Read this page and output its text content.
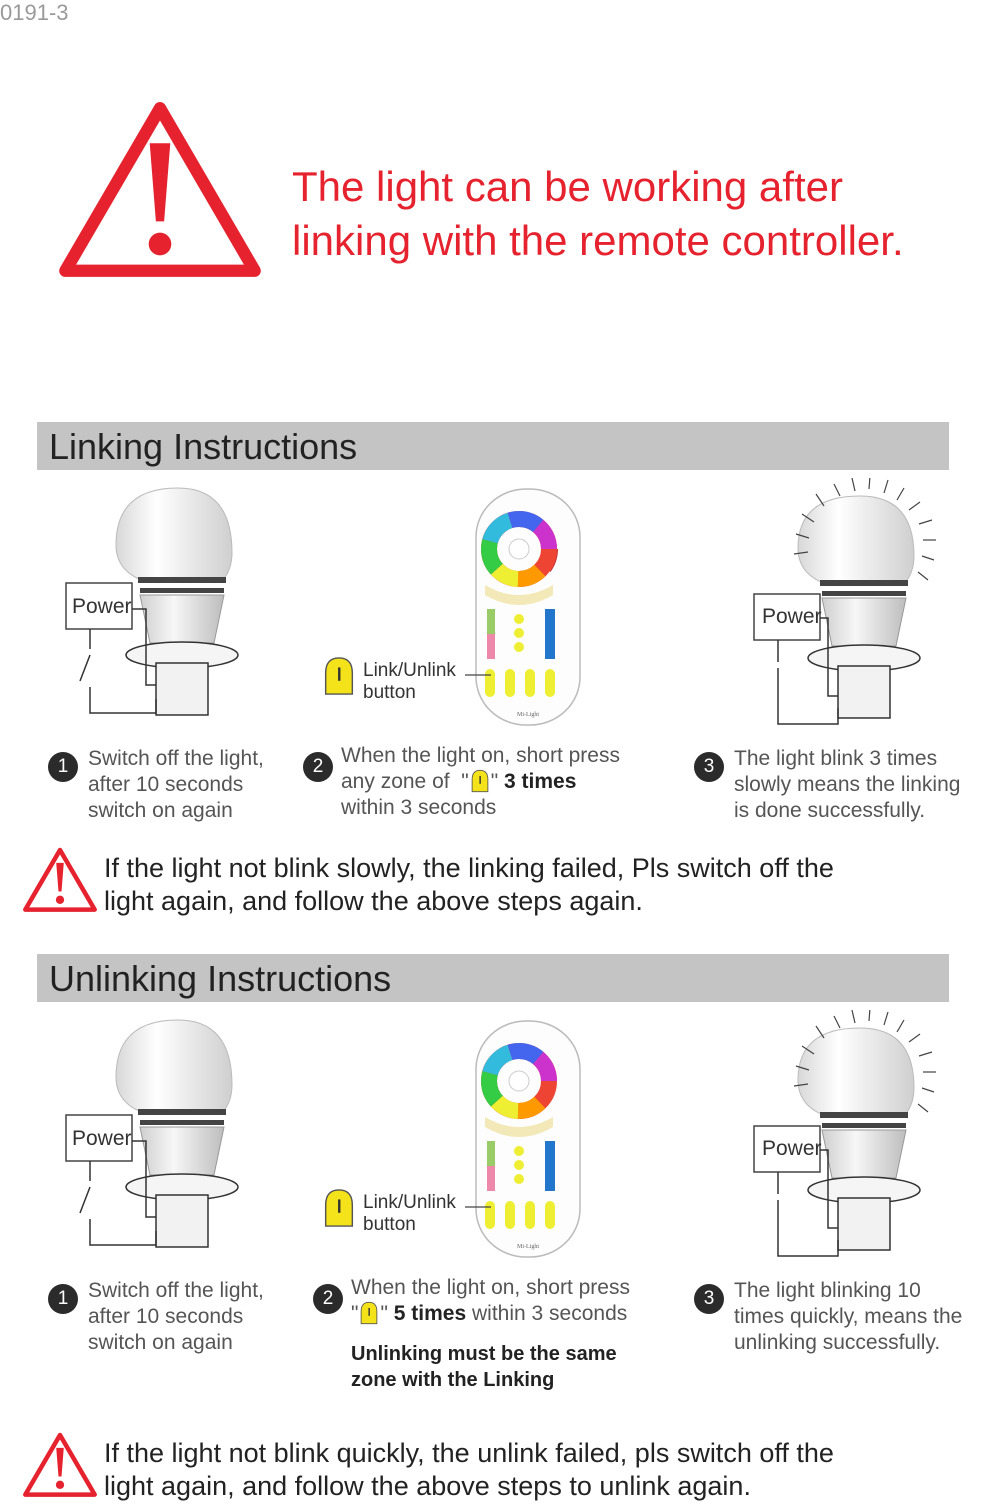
0191-3
The light can be working after
linking with the remote controller.
Linking Instructions
Power
Mi-Light
Link/Unlink
button
Power
1 Switch off the light,
after 10 seconds
switch on again
2 When the light on, short press
any zone of  " " 3 times
within 3 seconds
3 The light blink 3 times
slowly means the linking
is done successfully.
If the light not blink slowly, the linking failed, Pls switch off the
light again, and follow the above steps again.
Unlinking Instructions
Power
Mi-Light
Link/Unlink
button
Power
1 Switch off the light,
after 10 seconds
switch on again
2 When the light on, short press
" " 5 times within 3 seconds
Unlinking must be the same
zone with the Linking
3 The light blinking 10
times quickly, means the
unlinking successfully.
If the light not blink quickly, the unlink failed, pls switch off the
light again, and follow the above steps to unlink again.
